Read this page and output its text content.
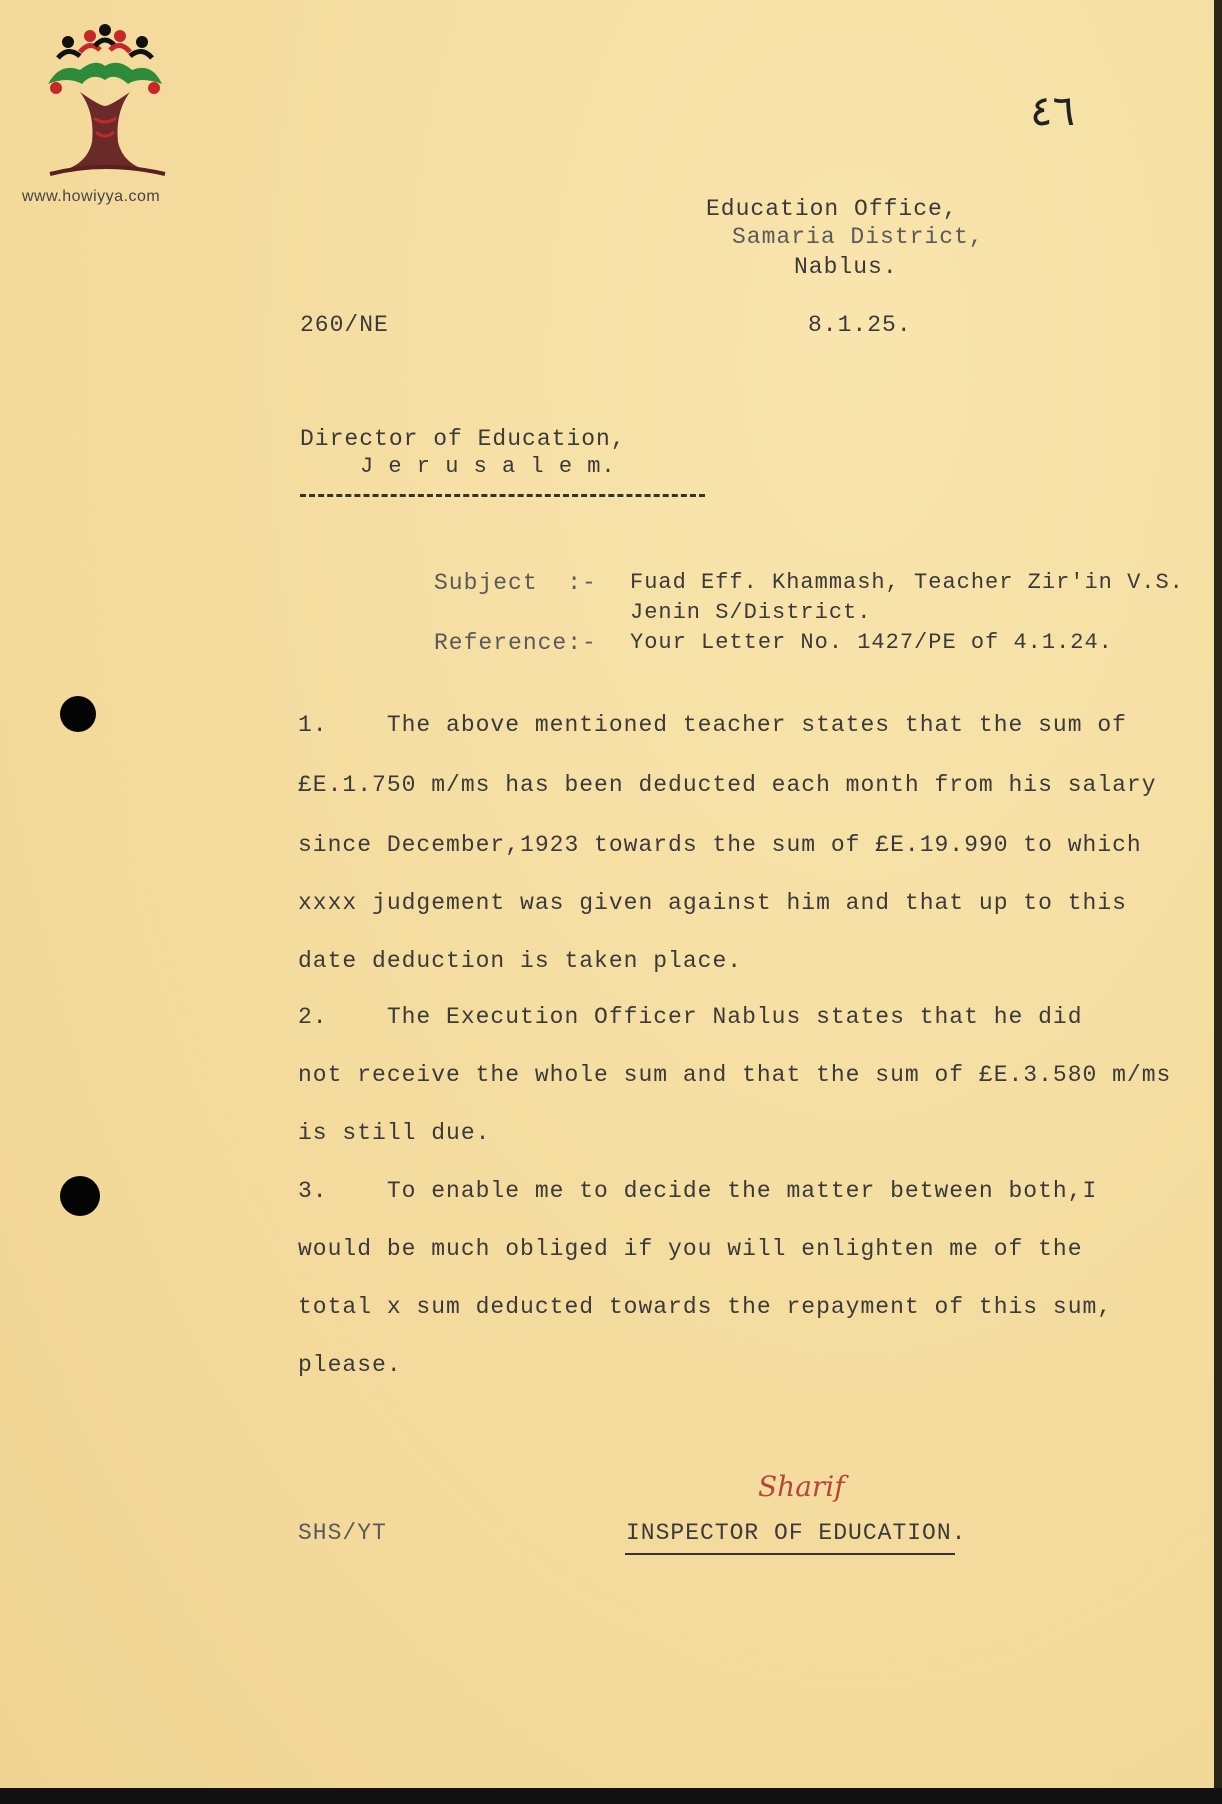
www.howiyya.com
٤٦
Education Office,
Samaria District,
Nablus.
260/NE	8.1.25.
Director of Education,
J e r u s a l e m.
Subject  :- Fuad Eff. Khammash, Teacher Zir'in V.S.
Jenin S/District.
Reference:- Your Letter No. 1427/PE of 4.1.24.
1.    The above mentioned teacher states that the sum of
£E.1.750 m/ms has been deducted each month from his salary
since December,1923 towards the sum of £E.19.990 to which
xxxx judgement was given against him and that up to this
date deduction is taken place.
2.    The Execution Officer Nablus states that he did
not receive the whole sum and that the sum of £E.3.580 m/ms
is still due.
3.    To enable me to decide the matter between both,I
would be much obliged if you will enlighten me of the
total x sum deducted towards the repayment of this sum,
please.
Sharif
SHS/YT	INSPECTOR OF EDUCATION.
